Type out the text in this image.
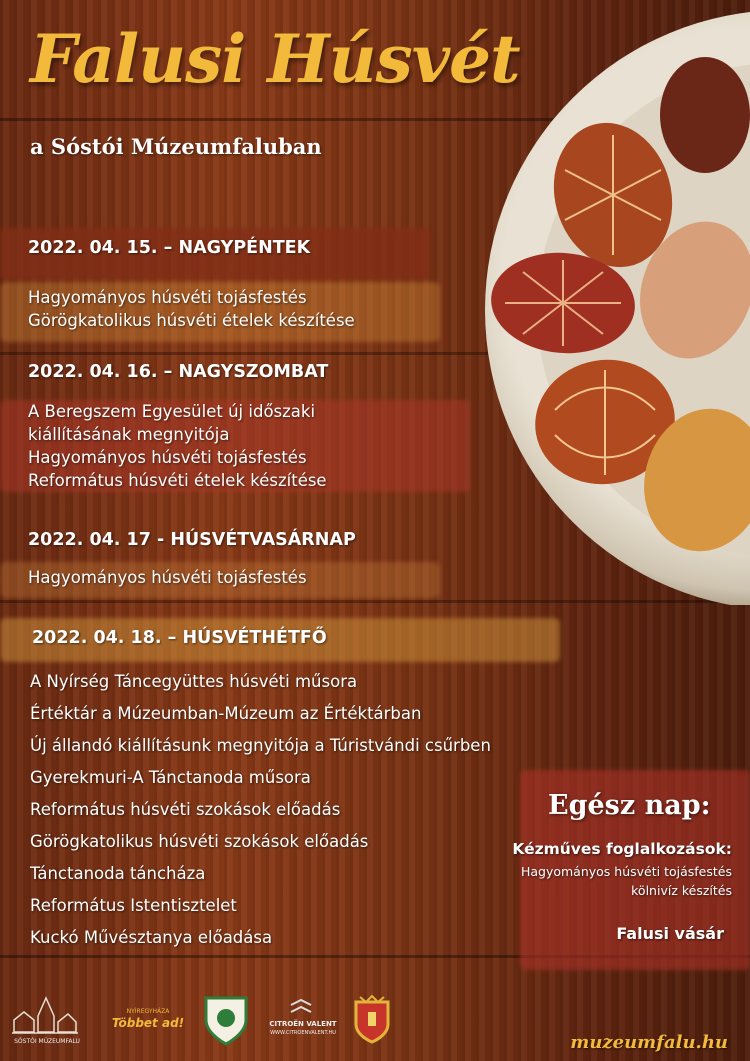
Falusi Húsvét
a Sóstói Múzeumfaluban
2022. 04. 15. – NAGYPÉNTEK
Hagyományos húsvéti tojásfestés
Görögkatolikus húsvéti ételek készítése
2022. 04. 16. – NAGYSZOMBAT
A Beregszem Egyesület új időszaki
kiállításának megnyitója
Hagyományos húsvéti tojásfestés
Református húsvéti ételek készítése
2022. 04. 17 - HÚSVÉTVASÁRNAP
Hagyományos húsvéti tojásfestés
2022. 04. 18. – HÚSVÉTHÉTFŐ
A Nyírség Táncegyüttes húsvéti műsora
Értéktár a Múzeumban-Múzeum az Értéktárban
Új állandó kiállításunk megnyitója a Túristvándi csűrben
Gyerekmuri-A Tánctanoda műsora
Református húsvéti szokások előadás
Görögkatolikus húsvéti szokások előadás
Tánctanoda táncháza
Református Istentisztelet
Kuckó Művésztanya előadása
Egész nap:
Kézműves foglalkozások:
Hagyományos húsvéti tojásfestés
kölnivíz készítés
Falusi vásár
SÓSTÓI MÚZEUMFALU
NYÍREGYHÁZA
Többet ad!	CITROËN VALENT
WWW.CITROENVALENT.HU	muzeumfalu.hu
